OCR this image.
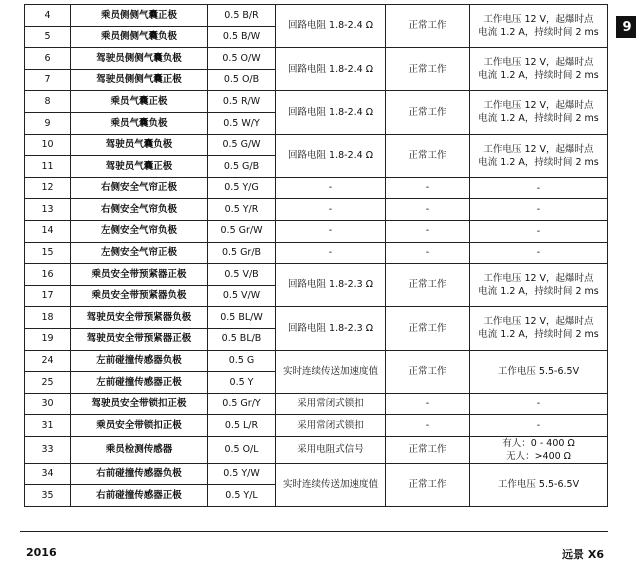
4	乘员侧侧气囊正极	0.5 B/R	回路电阻 1.8-2.4 Ω	正常工作	工作电压 12 V，起爆时点
电流 1.2 A，持续时间 2 ms
5	乘员侧侧气囊负极	0.5 B/W			
6	驾驶员侧侧气囊负极	0.5 O/W	回路电阻 1.8-2.4 Ω	正常工作	工作电压 12 V，起爆时点
电流 1.2 A，持续时间 2 ms
7	驾驶员侧侧气囊正极	0.5 O/B			
8	乘员气囊正极	0.5 R/W	回路电阻 1.8-2.4 Ω	正常工作	工作电压 12 V，起爆时点
电流 1.2 A，持续时间 2 ms
9	乘员气囊负极	0.5 W/Y			
10	驾驶员气囊负极	0.5 G/W	回路电阻 1.8-2.4 Ω	正常工作	工作电压 12 V，起爆时点
电流 1.2 A，持续时间 2 ms
11	驾驶员气囊正极	0.5 G/B			
12	右侧安全气帘正极	0.5 Y/G	-	-	-
13	右侧安全气帘负极	0.5 Y/R	-	-	-
14	左侧安全气帘负极	0.5 Gr/W	-	-	-
15	左侧安全气帘正极	0.5 Gr/B	-	-	-
16	乘员安全带预紧器正极	0.5 V/B	回路电阻 1.8-2.3 Ω	正常工作	工作电压 12 V，起爆时点
电流 1.2 A，持续时间 2 ms
17	乘员安全带预紧器负极	0.5 V/W			
18	驾驶员安全带预紧器负极	0.5 BL/W	回路电阻 1.8-2.3 Ω	正常工作	工作电压 12 V，起爆时点
电流 1.2 A，持续时间 2 ms
19	驾驶员安全带预紧器正极	0.5 BL/B			
24	左前碰撞传感器负极	0.5 G	实时连续传送加速度值	正常工作	工作电压 5.5-6.5V
25	左前碰撞传感器正极	0.5 Y			
30	驾驶员安全带锁扣正极	0.5 Gr/Y	采用常闭式锁扣	-	-
31	乘员安全带锁扣正极	0.5 L/R	采用常闭式锁扣	-	-
33	乘员检测传感器	0.5 O/L	采用电阻式信号	正常工作	有人：0 - 400 Ω
无人：>400 Ω
34	右前碰撞传感器负极	0.5 Y/W	实时连续传送加速度值	正常工作	工作电压 5.5-6.5V
35	右前碰撞传感器正极	0.5 Y/L			
9
2016	远景 X6
